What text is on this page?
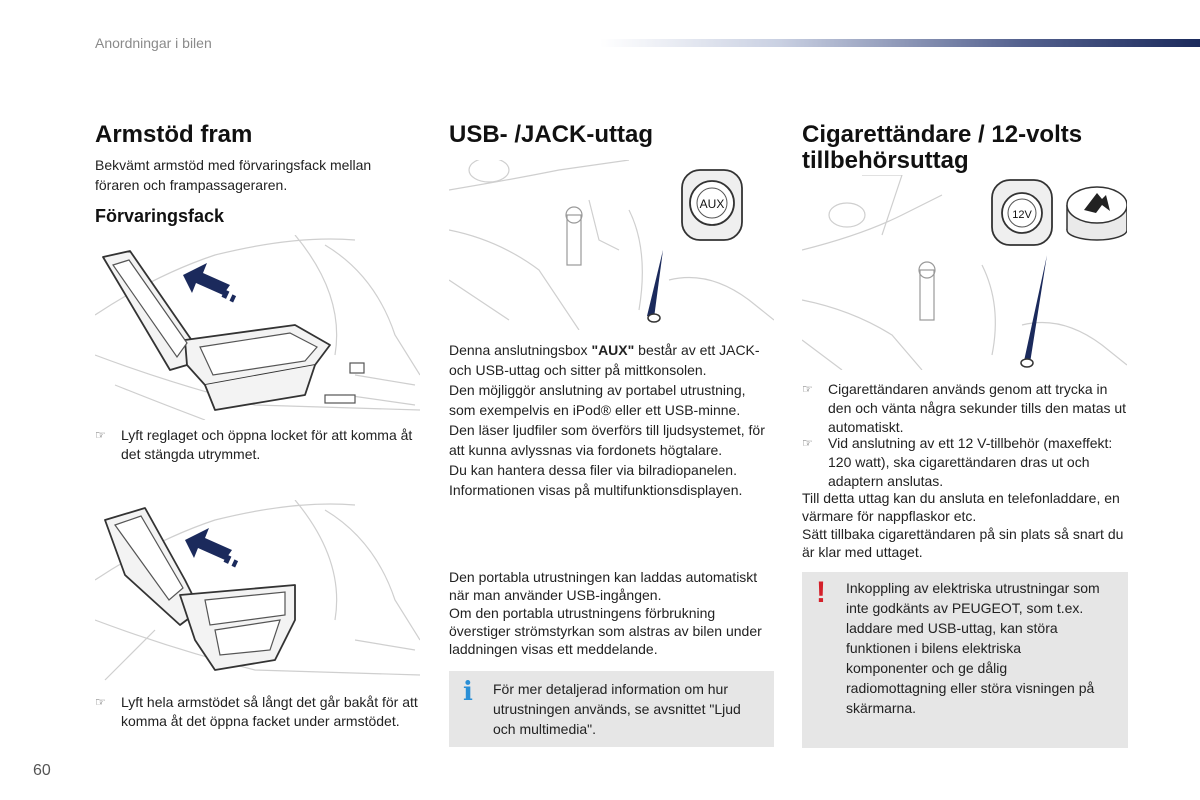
Anordningar i bilen
Armstöd fram
Bekvämt armstöd med förvaringsfack mellan föraren och frampassageraren.
Förvaringsfack
☞ Lyft reglaget och öppna locket för att komma åt det stängda utrymmet.
☞ Lyft hela armstödet så långt det går bakåt för att komma åt det öppna facket under armstödet.
USB- /JACK-uttag
AUX

Denna anslutningsbox "AUX" består av ett JACK- och USB-uttag och sitter på mittkonsolen.

Den möjliggör anslutning av portabel utrustning, som exempelvis en iPod® eller ett USB-minne.

Den läser ljudfiler som överförs till ljudsystemet, för att kunna avlyssnas via fordonets högtalare.

Du kan hantera dessa filer via bilradiopanelen.

Informationen visas på multifunktionsdisplayen.

Den portabla utrustningen kan laddas automatiskt när man använder USB-ingången.

Om den portabla utrustningens förbrukning överstiger strömstyrkan som alstras av bilen under laddningen visas ett meddelande.

i För mer detaljerad information om hur utrustningen används, se avsnittet "Ljud och multimedia".
Cigarettändare / 12-volts tillbehörsuttag
12V
☞ Cigarettändaren används genom att trycka in den och vänta några sekunder tills den matas ut automatiskt.
☞ Vid anslutning av ett 12 V-tillbehör (maxeffekt: 120 watt), ska cigarettändaren dras ut och adaptern anslutas.

Till detta uttag kan du ansluta en telefonladdare, en värmare för nappflaskor etc.

Sätt tillbaka cigarettändaren på sin plats så snart du är klar med uttaget.

! Inkoppling av elektriska utrustningar som inte godkänts av PEUGEOT, som t.ex. laddare med USB-uttag, kan störa funktionen i bilens elektriska komponenter och ge dålig radiomottagning eller störa visningen på skärmarna.
60
